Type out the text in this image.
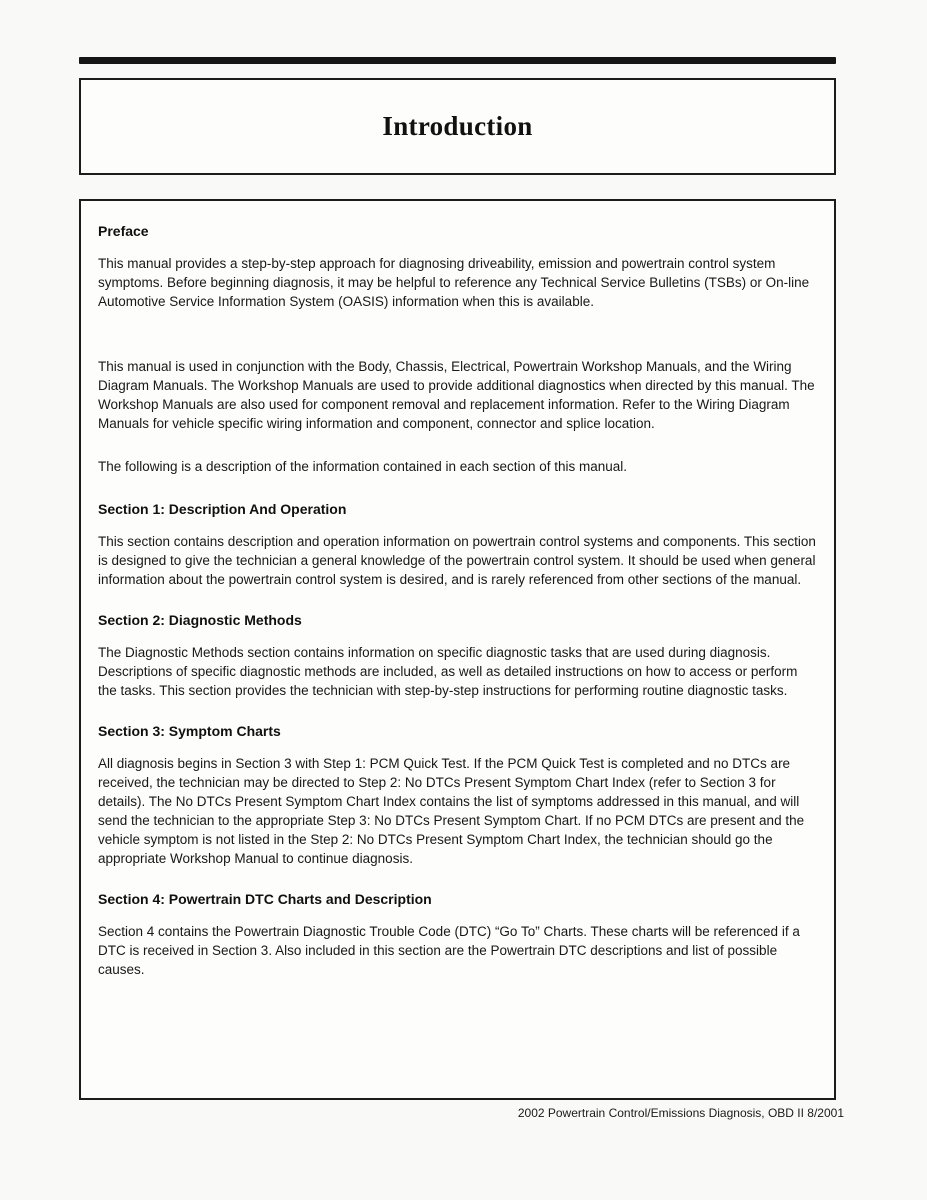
Introduction
Preface

This manual provides a step-by-step approach for diagnosing driveability, emission and powertrain control system symptoms. Before beginning diagnosis, it may be helpful to reference any Technical Service Bulletins (TSBs) or On-line Automotive Service Information System (OASIS) information when this is available.

This manual is used in conjunction with the Body, Chassis, Electrical, Powertrain Workshop Manuals, and the Wiring Diagram Manuals. The Workshop Manuals are used to provide additional diagnostics when directed by this manual. The Workshop Manuals are also used for component removal and replacement information. Refer to the Wiring Diagram Manuals for vehicle specific wiring information and component, connector and splice location.

The following is a description of the information contained in each section of this manual.

Section 1: Description And Operation

This section contains description and operation information on powertrain control systems and components. This section is designed to give the technician a general knowledge of the powertrain control system. It should be used when general information about the powertrain control system is desired, and is rarely referenced from other sections of the manual.

Section 2: Diagnostic Methods

The Diagnostic Methods section contains information on specific diagnostic tasks that are used during diagnosis. Descriptions of specific diagnostic methods are included, as well as detailed instructions on how to access or perform the tasks. This section provides the technician with step-by-step instructions for performing routine diagnostic tasks.

Section 3: Symptom Charts

All diagnosis begins in Section 3 with Step 1: PCM Quick Test. If the PCM Quick Test is completed and no DTCs are received, the technician may be directed to Step 2: No DTCs Present Symptom Chart Index (refer to Section 3 for details). The No DTCs Present Symptom Chart Index contains the list of symptoms addressed in this manual, and will send the technician to the appropriate Step 3: No DTCs Present Symptom Chart. If no PCM DTCs are present and the vehicle symptom is not listed in the Step 2: No DTCs Present Symptom Chart Index, the technician should go the appropriate Workshop Manual to continue diagnosis.

Section 4: Powertrain DTC Charts and Description

Section 4 contains the Powertrain Diagnostic Trouble Code (DTC) “Go To” Charts. These charts will be referenced if a DTC is received in Section 3. Also included in this section are the Powertrain DTC descriptions and list of possible causes.

2002 Powertrain Control/Emissions Diagnosis, OBD II 8/2001
